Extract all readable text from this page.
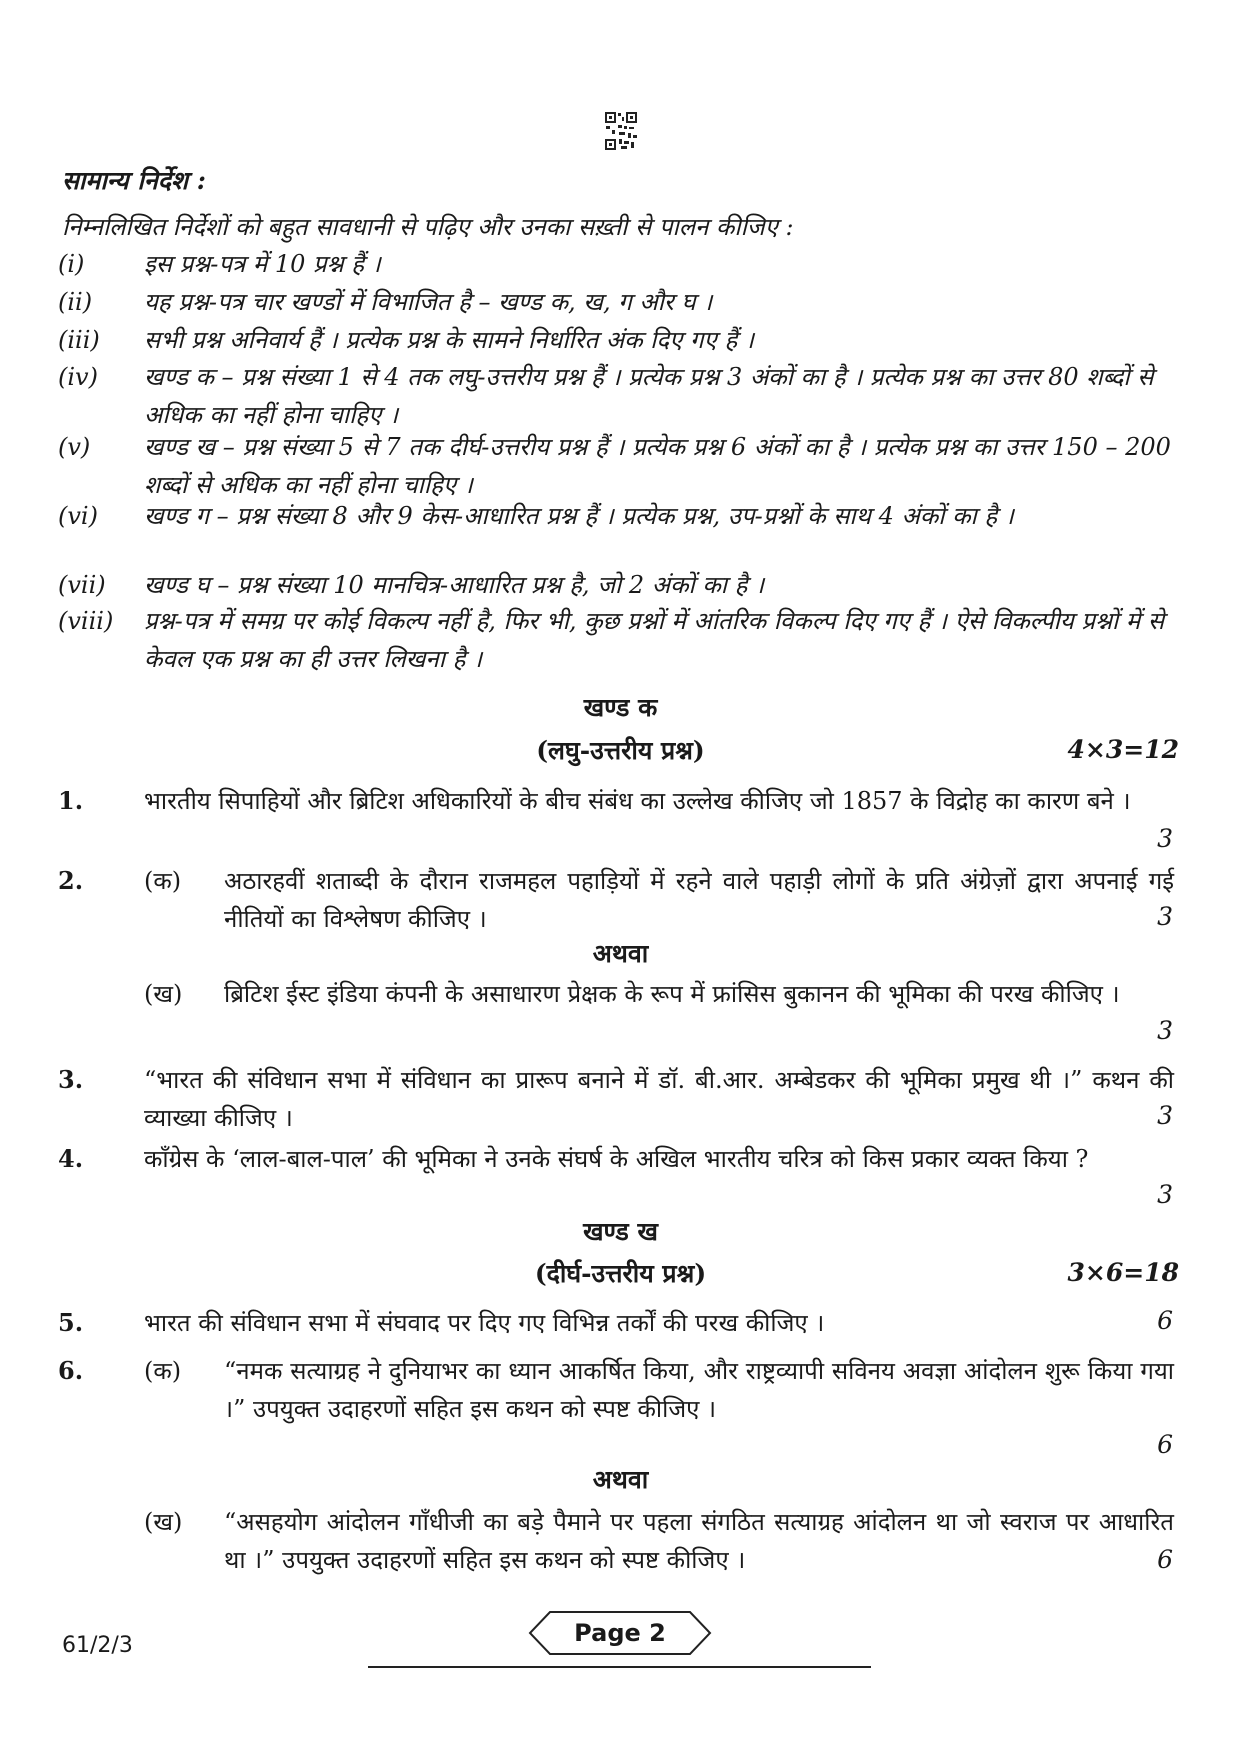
सामान्य निर्देश :
निम्नलिखित निर्देशों को बहुत सावधानी से पढ़िए और उनका सख़्ती से पालन कीजिए :
(i)	इस प्रश्न-पत्र में 10 प्रश्न हैं ।
(ii)	यह प्रश्न-पत्र चार खण्डों में विभाजित है – खण्ड क, ख, ग और घ ।
(iii)	सभी प्रश्न अनिवार्य हैं । प्रत्येक प्रश्न के सामने निर्धारित अंक दिए गए हैं ।
(iv)	खण्ड क – प्रश्न संख्या 1 से 4 तक लघु-उत्तरीय प्रश्न हैं । प्रत्येक प्रश्न 3 अंकों का है । प्रत्येक प्रश्न का उत्तर 80 शब्दों से अधिक का नहीं होना चाहिए ।
(v)	खण्ड ख – प्रश्न संख्या 5 से 7 तक दीर्घ-उत्तरीय प्रश्न हैं । प्रत्येक प्रश्न 6 अंकों का है । प्रत्येक प्रश्न का उत्तर 150 – 200 शब्दों से अधिक का नहीं होना चाहिए ।
(vi)	खण्ड ग – प्रश्न संख्या 8 और 9 केस-आधारित प्रश्न हैं । प्रत्येक प्रश्न, उप-प्रश्नों के साथ 4 अंकों का है ।
(vii)	खण्ड घ – प्रश्न संख्या 10 मानचित्र-आधारित प्रश्न है, जो 2 अंकों का है ।
(viii)	प्रश्न-पत्र में समग्र पर कोई विकल्प नहीं है, फिर भी, कुछ प्रश्नों में आंतरिक विकल्प दिए गए हैं । ऐसे विकल्पीय प्रश्नों में से केवल एक प्रश्न का ही उत्तर लिखना है ।
खण्ड क
(लघु-उत्तरीय प्रश्न)	4×3=12
1.	भारतीय सिपाहियों और ब्रिटिश अधिकारियों के बीच संबंध का उल्लेख कीजिए जो 1857 के विद्रोह का कारण बने ।
3
2.	(क) अठारहवीं शताब्दी के दौरान राजमहल पहाड़ियों में रहने वाले पहाड़ी लोगों के प्रति अंग्रेज़ों द्वारा अपनाई गई नीतियों का विश्लेषण कीजिए ।	3
अथवा
(ख) ब्रिटिश ईस्ट इंडिया कंपनी के असाधारण प्रेक्षक के रूप में फ्रांसिस बुकानन की भूमिका की परख कीजिए ।
3
3.	“भारत की संविधान सभा में संविधान का प्रारूप बनाने में डॉ. बी.आर. अम्बेडकर की भूमिका प्रमुख थी ।” कथन की व्याख्या कीजिए ।	3
4.	कॉंग्रेस के ‘लाल-बाल-पाल’ की भूमिका ने उनके संघर्ष के अखिल भारतीय चरित्र को किस प्रकार व्यक्त किया ?
3
खण्ड ख
(दीर्घ-उत्तरीय प्रश्न)	3×6=18
5.	भारत की संविधान सभा में संघवाद पर दिए गए विभिन्न तर्कों की परख कीजिए ।	6
6.	(क) “नमक सत्याग्रह ने दुनियाभर का ध्यान आकर्षित किया, और राष्ट्रव्यापी सविनय अवज्ञा आंदोलन शुरू किया गया ।” उपयुक्त उदाहरणों सहित इस कथन को स्पष्ट कीजिए ।
6
अथवा
(ख) “असहयोग आंदोलन गाँधीजी का बड़े पैमाने पर पहला संगठित सत्याग्रह आंदोलन था जो स्वराज पर आधारित था ।” उपयुक्त उदाहरणों सहित इस कथन को स्पष्ट कीजिए ।	6
61/2/3	Page 2
